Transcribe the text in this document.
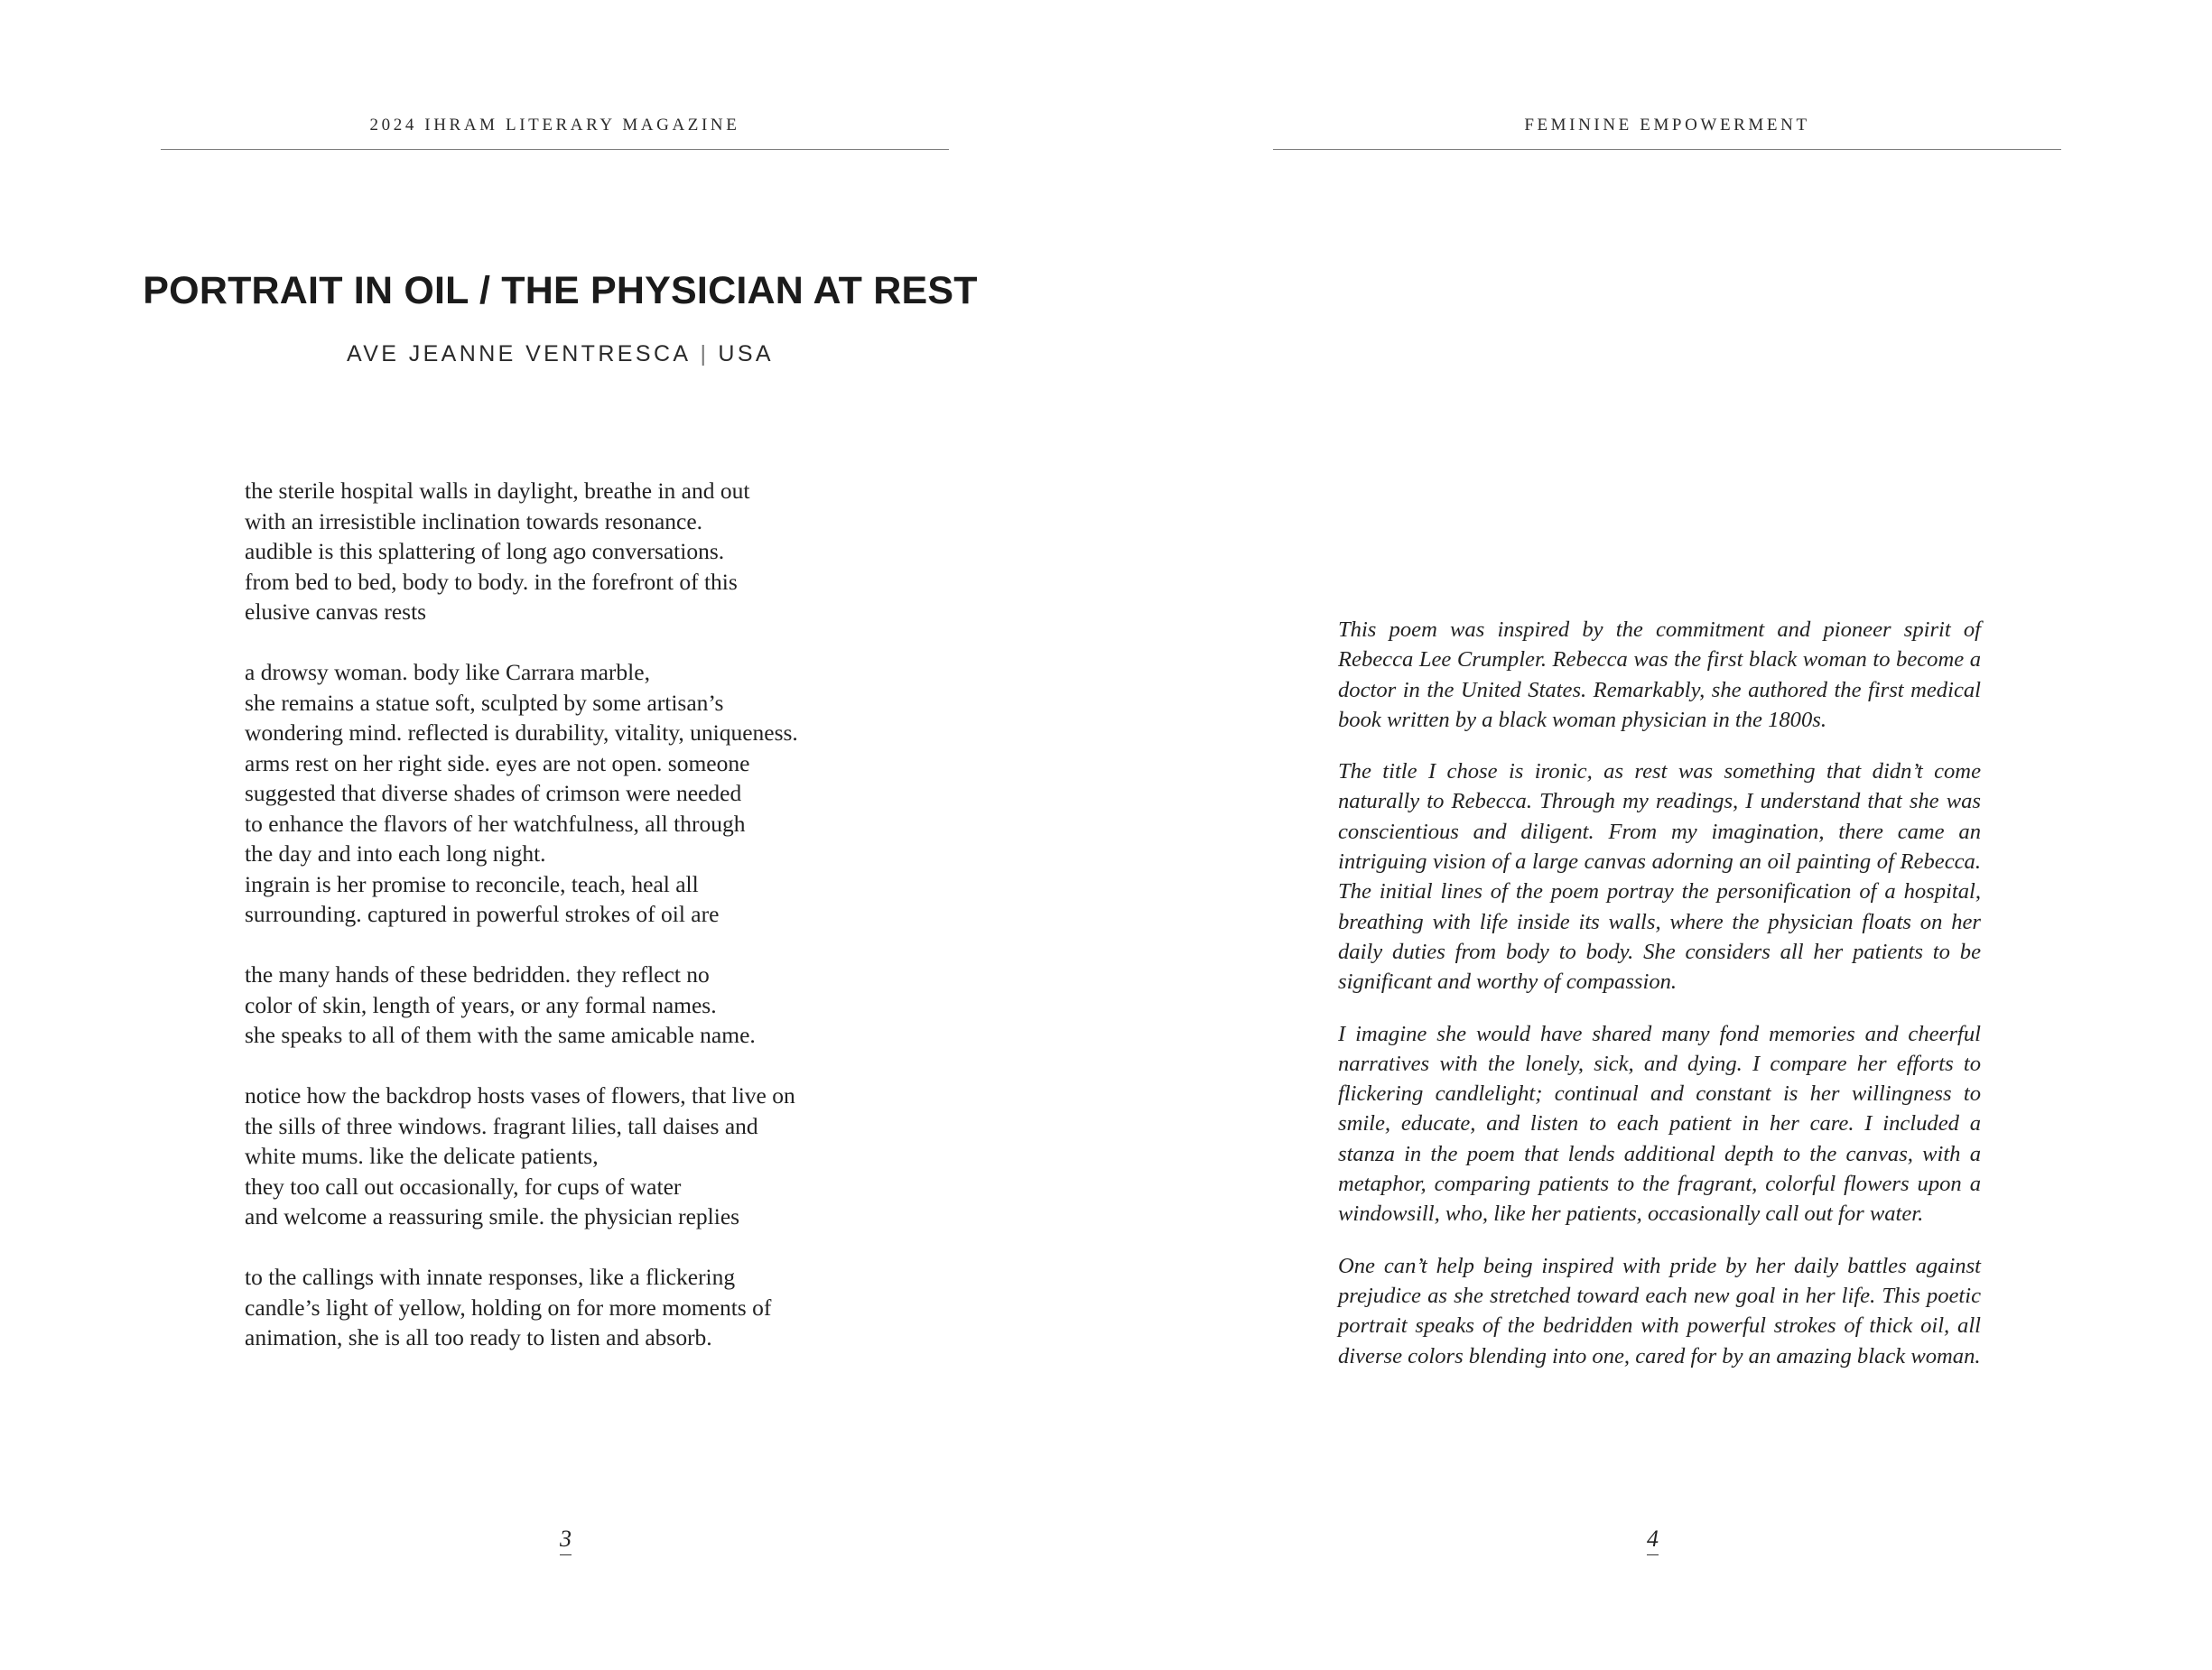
2024 IHRAM LITERARY MAGAZINE
PORTRAIT IN OIL / THE PHYSICIAN AT REST
AVE JEANNE VENTRESCA | USA
the sterile hospital walls in daylight, breathe in and out
with an irresistible inclination towards resonance.
audible is this splattering of long ago conversations.
from bed to bed, body to body. in the forefront of this
elusive canvas rests
a drowsy woman. body like Carrara marble,
she remains a statue soft, sculpted by some artisan’s
wondering mind. reflected is durability, vitality, uniqueness.
arms rest on her right side. eyes are not open. someone
suggested that diverse shades of crimson were needed
to enhance the flavors of her watchfulness, all through
the day and into each long night.
ingrain is her promise to reconcile, teach, heal all
surrounding. captured in powerful strokes of oil are
the many hands of these bedridden. they reflect no
color of skin, length of years, or any formal names.
she speaks to all of them with the same amicable name.
notice how the backdrop hosts vases of flowers, that live on
the sills of three windows. fragrant lilies, tall daises and
white mums. like the delicate patients,
they too call out occasionally, for cups of water
and welcome a reassuring smile. the physician replies
to the callings with innate responses, like a flickering
candle’s light of yellow, holding on for more moments of
animation, she is all too ready to listen and absorb.
3
FEMININE EMPOWERMENT

This poem was inspired by the commitment and pioneer spirit of Rebecca Lee Crumpler. Rebecca was the first black woman to become a doctor in the United States. Remarkably, she authored the first medical book written by a black woman physician in the 1800s.

The title I chose is ironic, as rest was something that didn’t come naturally to Rebecca. Through my readings, I understand that she was conscientious and diligent. From my imagination, there came an intriguing vision of a large canvas adorning an oil painting of Rebecca. The initial lines of the poem portray the personification of a hospital, breathing with life inside its walls, where the physician floats on her daily duties from body to body. She considers all her patients to be significant and worthy of compassion.

I imagine she would have shared many fond memories and cheerful narratives with the lonely, sick, and dying. I compare her efforts to flickering candlelight; continual and constant is her willingness to smile, educate, and listen to each patient in her care. I included a stanza in the poem that lends additional depth to the canvas, with a metaphor, comparing patients to the fragrant, colorful flowers upon a windowsill, who, like her patients, occasionally call out for water.

One can’t help being inspired with pride by her daily battles against prejudice as she stretched toward each new goal in her life. This poetic portrait speaks of the bedridden with powerful strokes of thick oil, all diverse colors blending into one, cared for by an amazing black woman.

4
